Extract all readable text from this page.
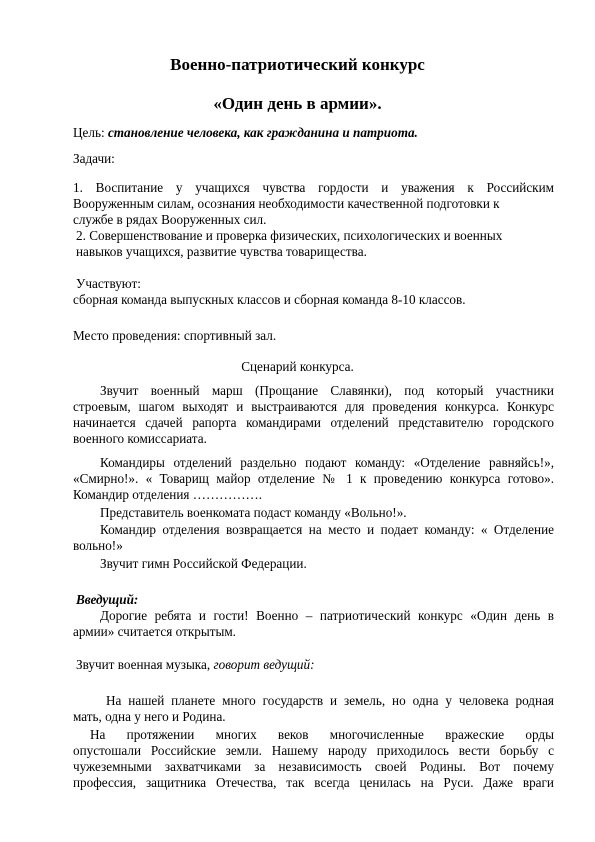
Военно-патриотический конкурс
«Один день в армии».
Цель: становление человека, как гражданина и патриота.
Задачи:
1. Воспитание у учащихся чувства гордости и уважения к Российским
Вооруженным силам, осознания необходимости качественной подготовки к
службе в рядах Вооруженных сил.
2. Совершенствование и проверка физических, психологических и военных
навыков учащихся, развитие чувства товарищества.
Участвуют:
сборная команда выпускных классов и сборная команда 8-10 классов.
Место проведения: спортивный зал.
Сценарий конкурса.
Звучит военный марш (Прощание Славянки), под который участники
строевым, шагом выходят и выстраиваются для проведения конкурса. Конкурс
начинается сдачей рапорта командирами отделений представителю городского
военного комиссариата.
Командиры отделений раздельно подают команду: «Отделение равняйсь!»,
«Смирно!». « Товарищ майор отделение № 1 к проведению конкурса готово».
Командир отделения …………….
Представитель военкомата подаст команду «Вольно!».
Командир отделения возвращается на место и подает команду: « Отделение
вольно!»
Звучит гимн Российской Федерации.
Введущий:
Дорогие ребята и гости! Военно – патриотический конкурс «Один день в
армии» считается открытым.
Звучит военная музыка, говорит ведущий:
На нашей планете много государств и земель, но одна у человека родная
мать, одна у него и Родина.
На протяжении многих веков многочисленные вражеские орды
опустошали Российские земли. Нашему народу приходилось вести борьбу с
чужеземными захватчиками за независимость своей Родины. Вот почему
профессия, защитника Отечества, так всегда ценилась на Руси. Даже враги
